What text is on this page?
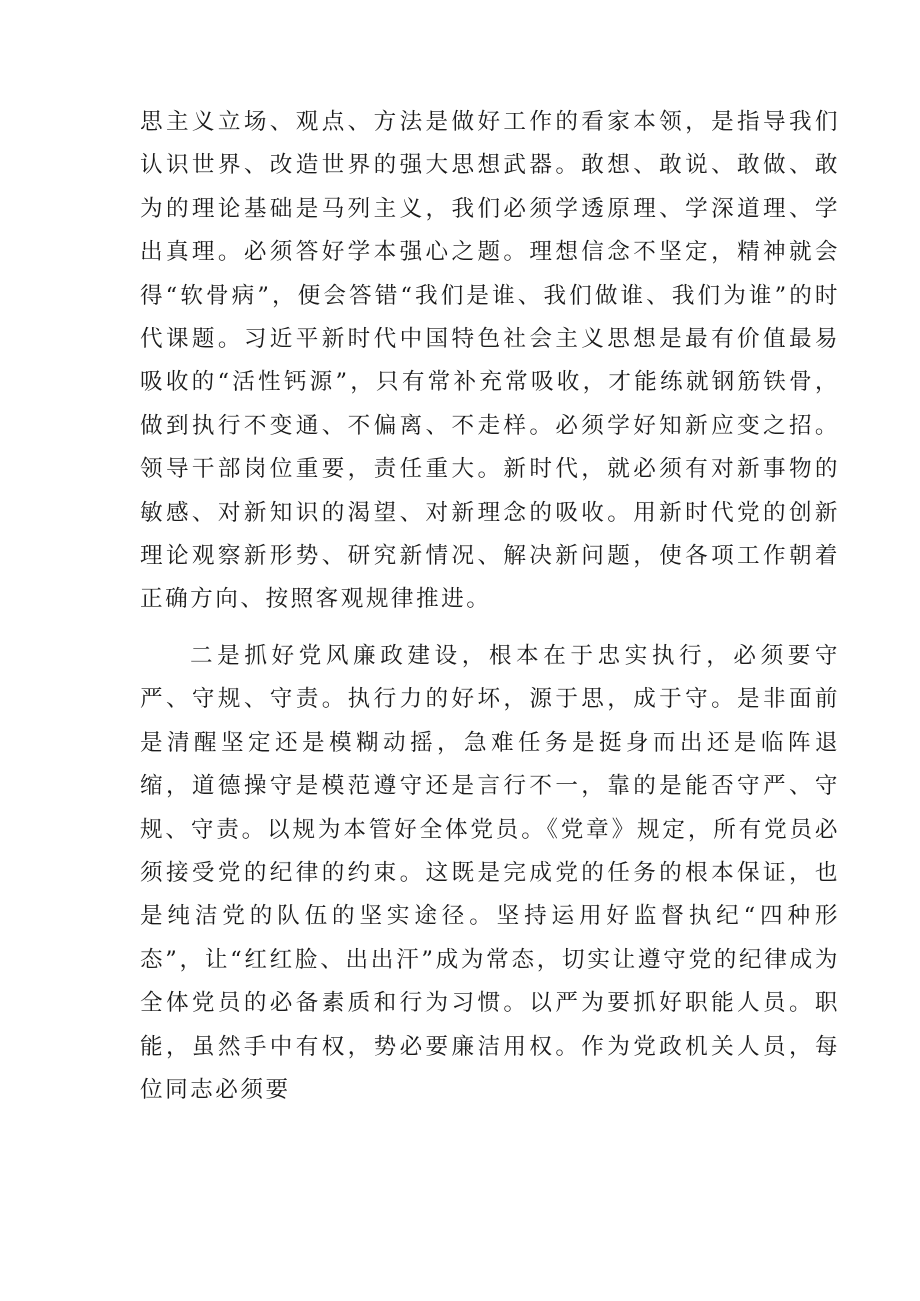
思主义立场、观点、方法是做好工作的看家本领，是指导我们认识世界、改造世界的强大思想武器。敢想、敢说、敢做、敢为的理论基础是马列主义，我们必须学透原理、学深道理、学出真理。必须答好学本强心之题。理想信念不坚定，精神就会得“软骨病”，便会答错“我们是谁、我们做谁、我们为谁”的时代课题。习近平新时代中国特色社会主义思想是最有价值最易吸收的“活性钙源”，只有常补充常吸收，才能练就钢筋铁骨，做到执行不变通、不偏离、不走样。必须学好知新应变之招。领导干部岗位重要，责任重大。新时代，就必须有对新事物的敏感、对新知识的渴望、对新理念的吸收。用新时代党的创新理论观察新形势、研究新情况、解决新问题，使各项工作朝着正确方向、按照客观规律推进。

二是抓好党风廉政建设，根本在于忠实执行，必须要守严、守规、守责。执行力的好坏，源于思，成于守。是非面前是清醒坚定还是模糊动摇，急难任务是挺身而出还是临阵退缩，道德操守是模范遵守还是言行不一，靠的是能否守严、守规、守责。以规为本管好全体党员。《党章》规定，所有党员必须接受党的纪律的约束。这既是完成党的任务的根本保证，也是纯洁党的队伍的坚实途径。坚持运用好监督执纪“四种形态”，让“红红脸、出出汗”成为常态，切实让遵守党的纪律成为全体党员的必备素质和行为习惯。以严为要抓好职能人员。职能，虽然手中有权，势必要廉洁用权。作为党政机关人员，每位同志必须要
